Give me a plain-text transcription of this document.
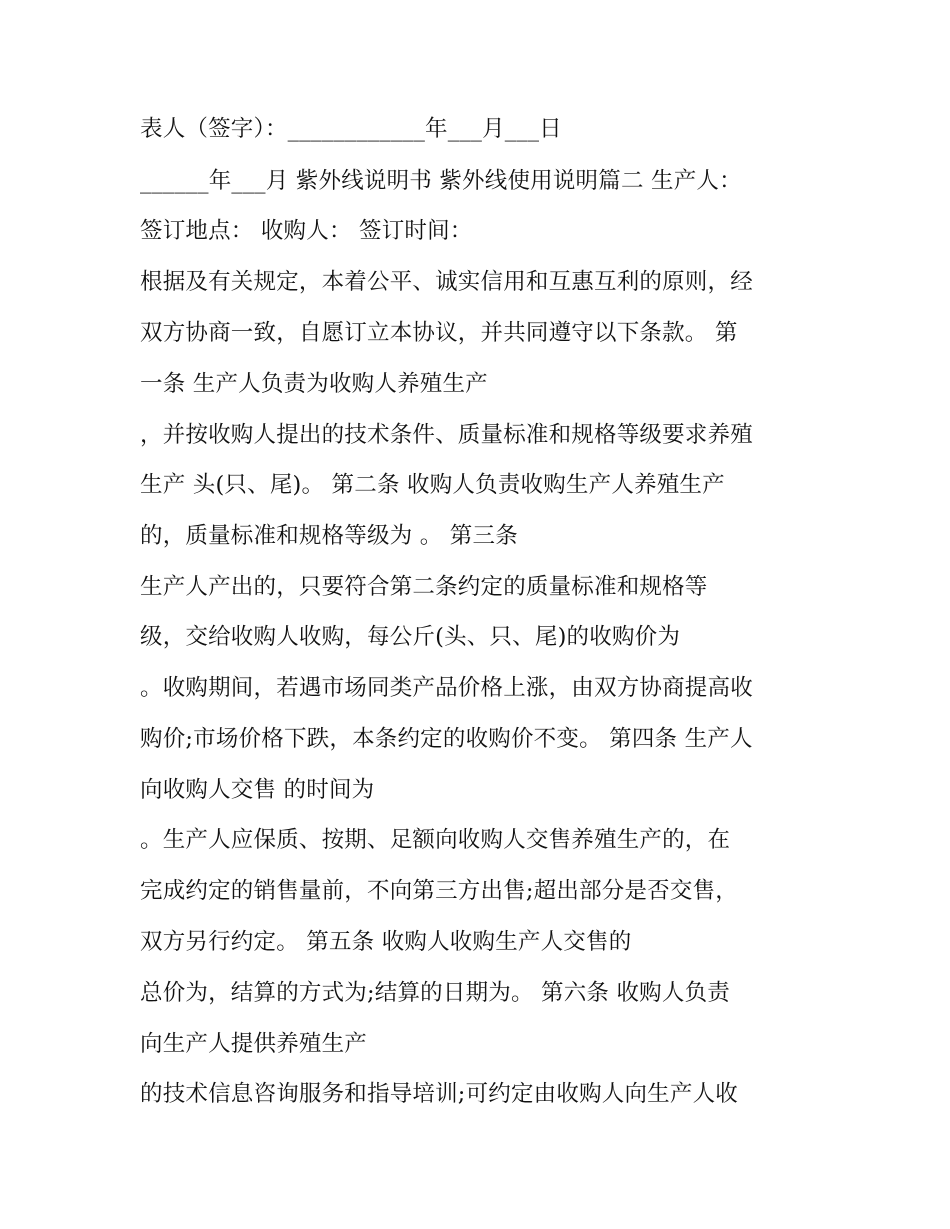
表人（签字）：____________年___月___日
______年___月 紫外线说明书 紫外线使用说明篇二 生产人：
签订地点： 收购人： 签订时间：
根据及有关规定，本着公平、诚实信用和互惠互利的原则，经
双方协商一致，自愿订立本协议，并共同遵守以下条款。 第
一条 生产人负责为收购人养殖生产
，并按收购人提出的技术条件、质量标准和规格等级要求养殖
生产 头(只、尾)。 第二条 收购人负责收购生产人养殖生产
的，质量标准和规格等级为 。 第三条
生产人产出的，只要符合第二条约定的质量标准和规格等
级，交给收购人收购，每公斤(头、只、尾)的收购价为
。收购期间，若遇市场同类产品价格上涨，由双方协商提高收
购价;市场价格下跌，本条约定的收购价不变。 第四条 生产人
向收购人交售 的时间为
。生产人应保质、按期、足额向收购人交售养殖生产的，在
完成约定的销售量前，不向第三方出售;超出部分是否交售，
双方另行约定。 第五条 收购人收购生产人交售的
总价为，结算的方式为;结算的日期为。 第六条 收购人负责
向生产人提供养殖生产
的技术信息咨询服务和指导培训;可约定由收购人向生产人收
